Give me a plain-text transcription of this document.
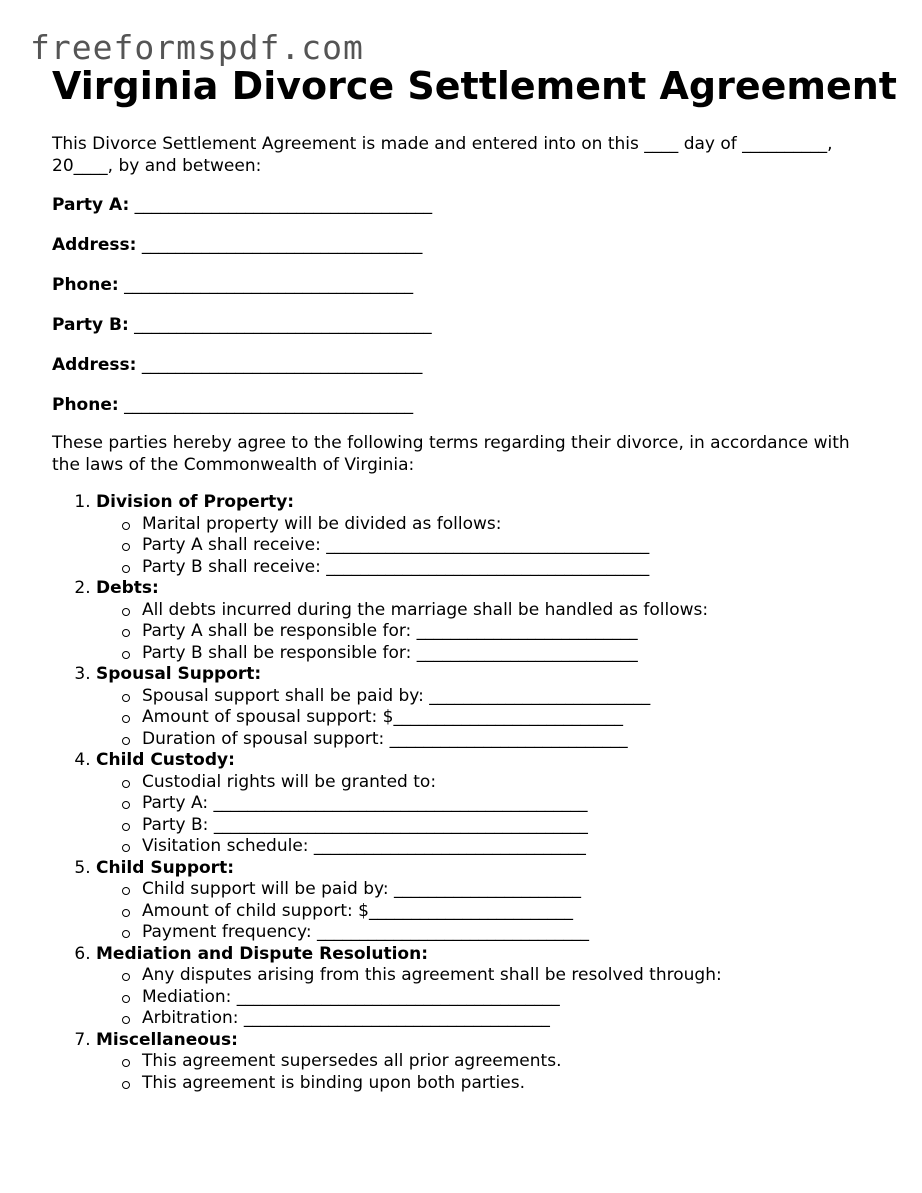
freeformspdf.com
Virginia Divorce Settlement Agreement

This Divorce Settlement Agreement is made and entered into on this ____ day of __________, 20____, by and between:

Party A: ___________________________________
Address: _________________________________
Phone: __________________________________
Party B: ___________________________________
Address: _________________________________
Phone: __________________________________

These parties hereby agree to the following terms regarding their divorce, in accordance with the laws of the Commonwealth of Virginia:

1. Division of Property:
Marital property will be divided as follows:
Party A shall receive: ______________________________________
Party B shall receive: ______________________________________
2. Debts:
All debts incurred during the marriage shall be handled as follows:
Party A shall be responsible for: __________________________
Party B shall be responsible for: __________________________
3. Spousal Support:
Spousal support shall be paid by: __________________________
Amount of spousal support: $___________________________
Duration of spousal support: ____________________________
4. Child Custody:
Custodial rights will be granted to:
Party A: ____________________________________________
Party B: ____________________________________________
Visitation schedule: ________________________________
5. Child Support:
Child support will be paid by: ______________________
Amount of child support: $________________________
Payment frequency: ________________________________
6. Mediation and Dispute Resolution:
Any disputes arising from this agreement shall be resolved through:
Mediation: ______________________________________
Arbitration: ____________________________________
7. Miscellaneous:
This agreement supersedes all prior agreements.
This agreement is binding upon both parties.
